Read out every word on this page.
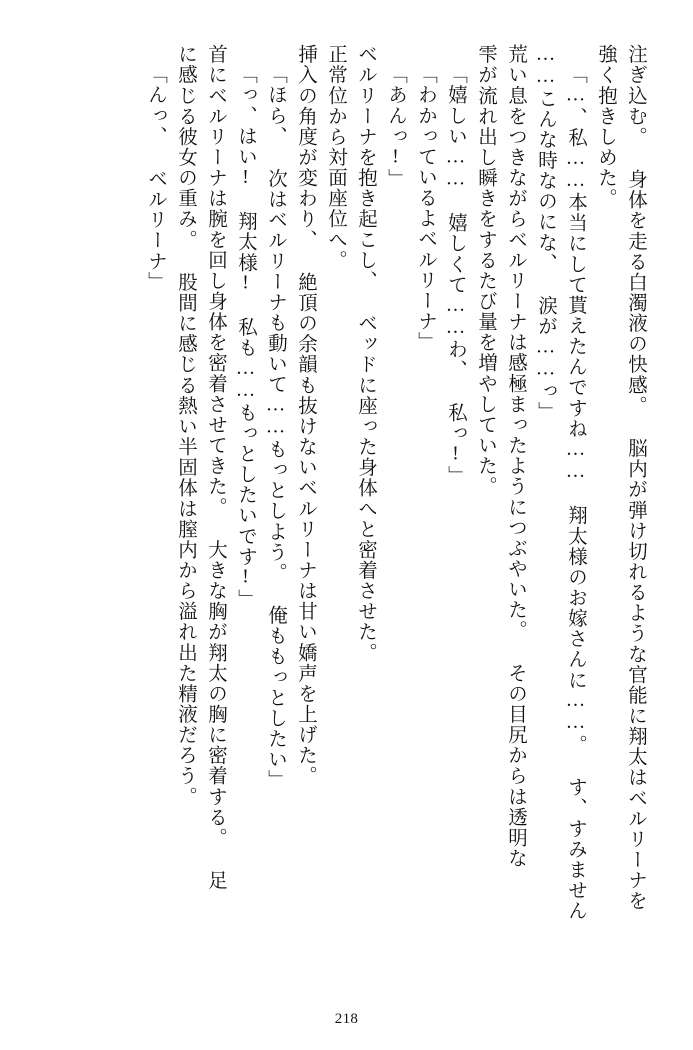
注ぎ込む。 身体を走る白濁液の快感。 脳内が弾け切れるような官能に翔太はベルリーナを
強く抱きしめた。
「…、私……本当にして貰えたんですね…… 翔太様のお嫁さんに……。 す、すみません
……こんな時なのにな、 涙が……っ」
荒い息をつきながらベルリーナは感極まったようにつぶやいた。 その目尻からは透明な
雫が流れ出し瞬きをするたび量を増やしていた。
「嬉しい…… 嬉しくて……わ、 私っ!」
「わかっているよベルリーナ」
「あんっ!」
ベルリーナを抱き起こし、 ベッドに座った身体へと密着させた。
正常位から対面座位へ。
挿入の角度が変わり、 絶頂の余韻も抜けないベルリーナは甘い嬌声を上げた。
「ほら、 次はベルリーナも動いて……もっとしよう。 俺ももっとしたい」
「っ、はい! 翔太様! 私も……もっとしたいです!」
首にベルリーナは腕を回し身体を密着させてきた。 大きな胸が翔太の胸に密着する。 足
に感じる彼女の重み。 股間に感じる熱い半固体は膣内から溢れ出た精液だろう。
「んっ、 ベルリーナ」
218
